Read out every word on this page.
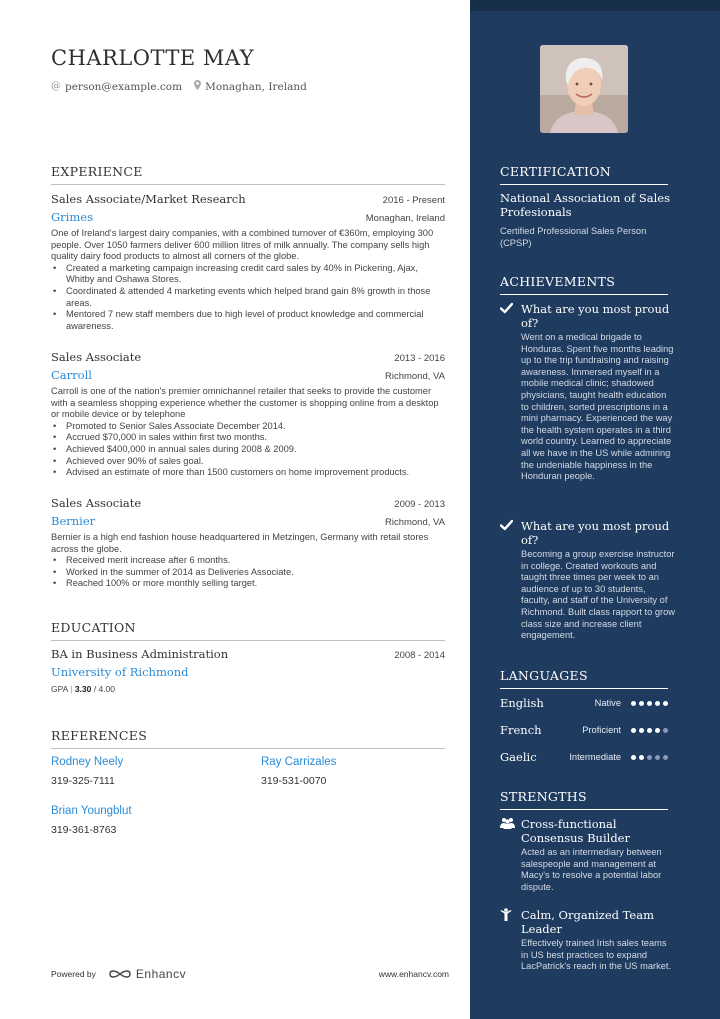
CHARLOTTE MAY
@ person@example.com Monaghan, Ireland
EXPERIENCE
Sales Associate/Market Research	2016 - Present
Grimes	Monaghan, Ireland
One of Ireland's largest dairy companies, with a combined turnover of €360m, employing 300 people. Over 1050 farmers deliver 600 million litres of milk annually. The company sells high quality dairy food products to almost all corners of the globe.
• Created a marketing campaign increasing credit card sales by 40% in Pickering, Ajax, Whitby and Oshawa Stores.
• Coordinated & attended 4 marketing events which helped brand gain 8% growth in those areas.
• Mentored 7 new staff members due to high level of product knowledge and commercial awareness.
Sales Associate	2013 - 2016
Carroll	Richmond, VA
Carroll is one of the nation's premier omnichannel retailer that seeks to provide the customer with a seamless shopping experience whether the customer is shopping online from a desktop or mobile device or by telephone
• Promoted to Senior Sales Associate December 2014.
• Accrued $70,000 in sales within first two months.
• Achieved $400,000 in annual sales during 2008 & 2009.
• Achieved over 90% of sales goal.
• Advised an estimate of more than 1500 customers on home improvement products.
Sales Associate	2009 - 2013
Bernier	Richmond, VA
Bernier is a high end fashion house headquartered in Metzingen, Germany with retail stores across the globe.
• Received merit increase after 6 months.
• Worked in the summer of 2014 as Deliveries Associate.
• Reached 100% or more monthly selling target.
EDUCATION
BA in Business Administration	2008 - 2014
University of Richmond
GPA | 3.30 / 4.00
REFERENCES
Rodney Neely
319-325-7111
Ray Carrizales
319-531-0070
Brian Youngblut
319-361-8763
Powered by	Enhancv	www.enhancv.com
CERTIFICATION
National Association of Sales Profesionals
Certified Professional Sales Person (CPSP)
ACHIEVEMENTS
What are you most proud of?
Went on a medical brigade to Honduras. Spent five months leading up to the trip fundraising and raising awareness. Immersed myself in a mobile medical clinic; shadowed physicians, taught health education to children, sorted prescriptions in a mini pharmacy. Experienced the way the health system operates in a third world country. Learned to appreciate all we have in the US while admiring the undeniable happiness in the Honduran people.
What are you most proud of?
Becoming a group exercise instructor in college. Created workouts and taught three times per week to an audience of up to 30 students, faculty, and staff of the University of Richmond. Built class rapport to grow class size and increase client engagement.
LANGUAGES
English	Native
French	Proficient
Gaelic	Intermediate
STRENGTHS
Cross-functional Consensus Builder
Acted as an intermediary between salespeople and management at Macy's to resolve a potential labor dispute.
Calm, Organized Team Leader
Effectively trained Irish sales teams in US best practices to expand LacPatrick's reach in the US market.
